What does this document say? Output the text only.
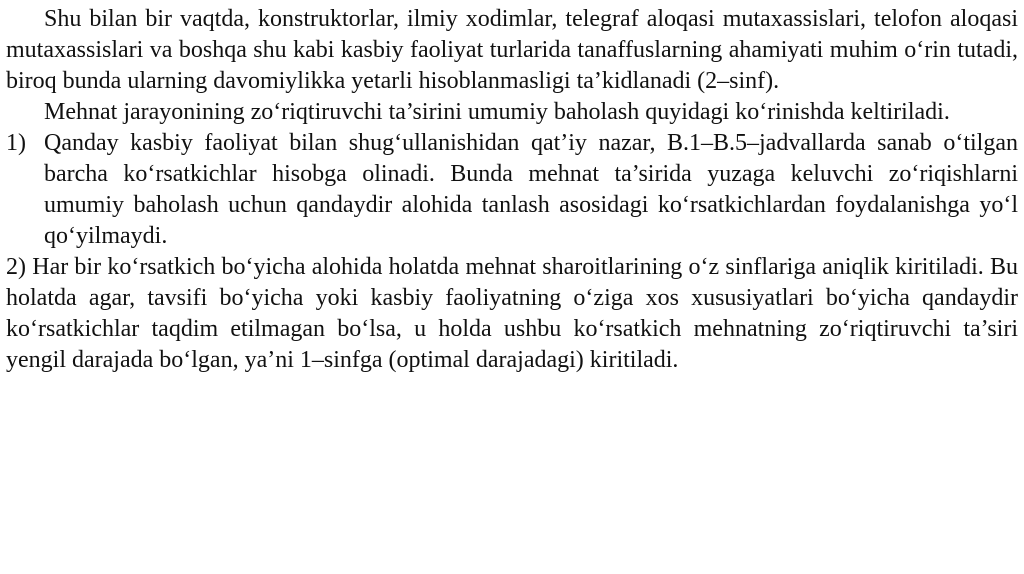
Shu bilan bir vaqtda, konstruktorlar, ilmiy xodimlar, telegraf aloqasi mutaxassislari, telofon aloqasi mutaxassislari va boshqa shu kabi kasbiy faoliyat turlarida tanaffuslarning ahamiyati muhim o‘rin tutadi, biroq bunda ularning davomiylikka yetarli hisoblanmasligi ta’kidlanadi (2–sinf).

Mehnat jarayonining zo‘riqtiruvchi ta’sirini umumiy baholash quyidagi ko‘rinishda keltiriladi.

1) Qanday kasbiy faoliyat bilan shug‘ullanishidan qat’iy nazar, B.1–B.5–jadvallarda sanab o‘tilgan barcha ko‘rsatkichlar hisobga olinadi. Bunda mehnat ta’sirida yuzaga keluvchi zo‘riqishlarni umumiy baholash uchun qandaydir alohida tanlash asosidagi ko‘rsatkichlardan foydalanishga yo‘l qo‘yilmaydi.

2) Har bir ko‘rsatkich bo‘yicha alohida holatda mehnat sharoitlarining o‘z sinflariga aniqlik kiritiladi. Bu holatda agar, tavsifi bo‘yicha yoki kasbiy faoliyatning o‘ziga xos xususiyatlari bo‘yicha qandaydir ko‘rsatkichlar taqdim etilmagan bo‘lsa, u holda ushbu ko‘rsatkich mehnatning zo‘riqtiruvchi ta’siri yengil darajada bo‘lgan, ya’ni 1–sinfga (optimal darajadagi) kiritiladi.
